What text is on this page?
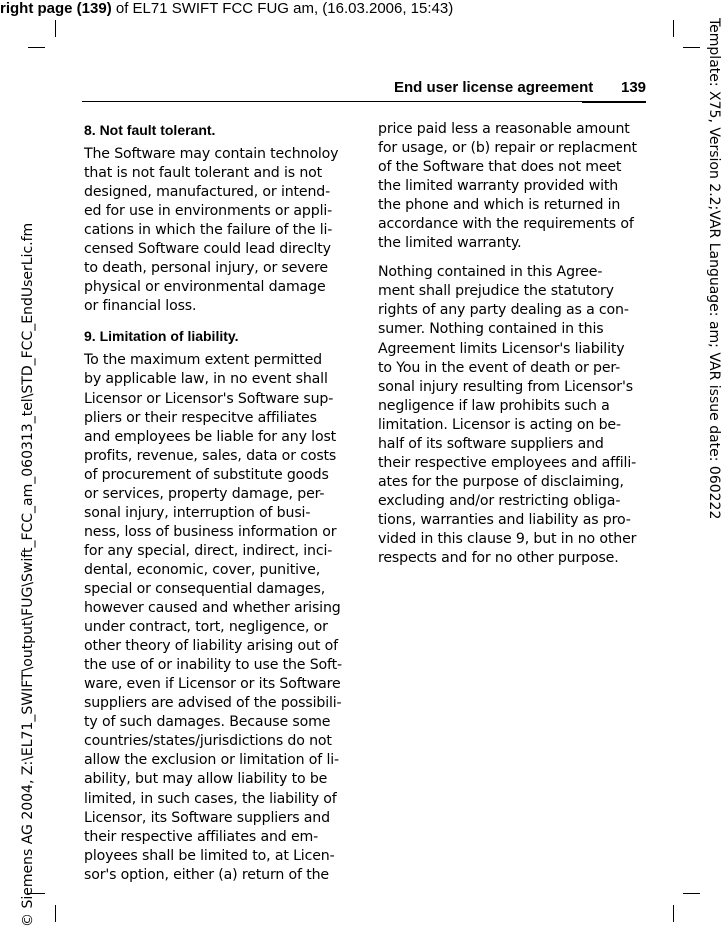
right page (139) of EL71 SWIFT FCC FUG am, (16.03.2006, 15:43)
End user license agreement 139
8. Not fault tolerant.
The Software may contain technoloy
that is not fault tolerant and is not
designed, manufactured, or intend-
ed for use in environments or appli-
cations in which the failure of the li-
censed Software could lead direclty
to death, personal injury, or severe
physical or environmental damage
or financial loss.
9. Limitation of liability.
To the maximum extent permitted
by applicable law, in no event shall
Licensor or Licensor's Software sup-
pliers or their respecitve affiliates
and employees be liable for any lost
profits, revenue, sales, data or costs
of procurement of substitute goods
or services, property damage, per-
sonal injury, interruption of busi-
ness, loss of business information or
for any special, direct, indirect, inci-
dental, economic, cover, punitive,
special or consequential damages,
however caused and whether arising
under contract, tort, negligence, or
other theory of liability arising out of
the use of or inability to use the Soft-
ware, even if Licensor or its Software
suppliers are advised of the possibili-
ty of such damages. Because some
countries/states/jurisdictions do not
allow the exclusion or limitation of li-
ability, but may allow liability to be
limited, in such cases, the liability of
Licensor, its Software suppliers and
their respective affiliates and em-
ployees shall be limited to, at Licen-
sor's option, either (a) return of the
price paid less a reasonable amount
for usage, or (b) repair or replacment
of the Software that does not meet
the limited warranty provided with
the phone and which is returned in
accordance with the requirements of
the limited warranty.
Nothing contained in this Agree-
ment shall prejudice the statutory
rights of any party dealing as a con-
sumer. Nothing contained in this
Agreement limits Licensor's liability
to You in the event of death or per-
sonal injury resulting from Licensor's
negligence if law prohibits such a
limitation. Licensor is acting on be-
half of its software suppliers and
their respective employees and affili-
ates for the purpose of disclaiming,
excluding and/or restricting obliga-
tions, warranties and liability as pro-
vided in this clause 9, but in no other
respects and for no other purpose.
© Siemens AG 2004, Z:\EL71_SWIFT\output\FUG\Swift_FCC_am_060313_tel\STD_FCC_EndUserLic.fm	Template: X75, Version 2.2;VAR Language: am; VAR issue date: 060222
